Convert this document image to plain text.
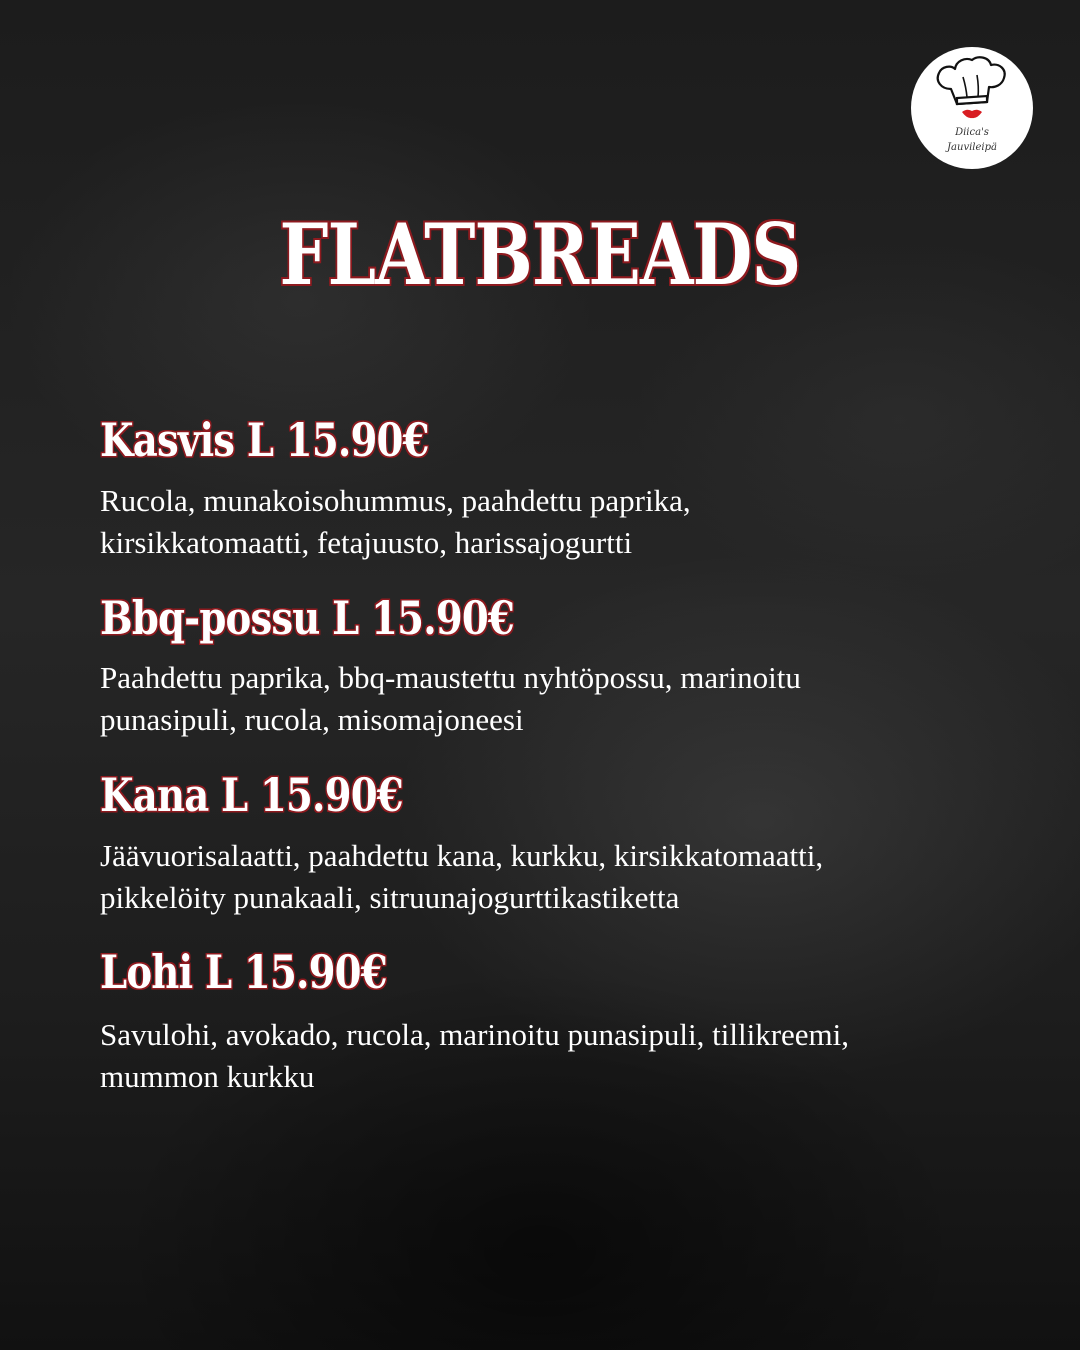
Diica's
Jauvileipä
FLATBREADS
Kasvis L 15.90€

Rucola, munakoisohummus, paahdettu paprika,
kirsikkatomaatti, fetajuusto, harissajogurtti

Bbq-possu L 15.90€

Paahdettu paprika, bbq-maustettu nyhtöpossu, marinoitu
punasipuli, rucola, misomajoneesi

Kana L 15.90€

Jäävuorisalaatti, paahdettu kana, kurkku, kirsikkatomaatti,
pikkelöity punakaali, sitruunajogurttikastiketta

Lohi L 15.90€

Savulohi, avokado, rucola, marinoitu punasipuli, tillikreemi,
mummon kurkku
